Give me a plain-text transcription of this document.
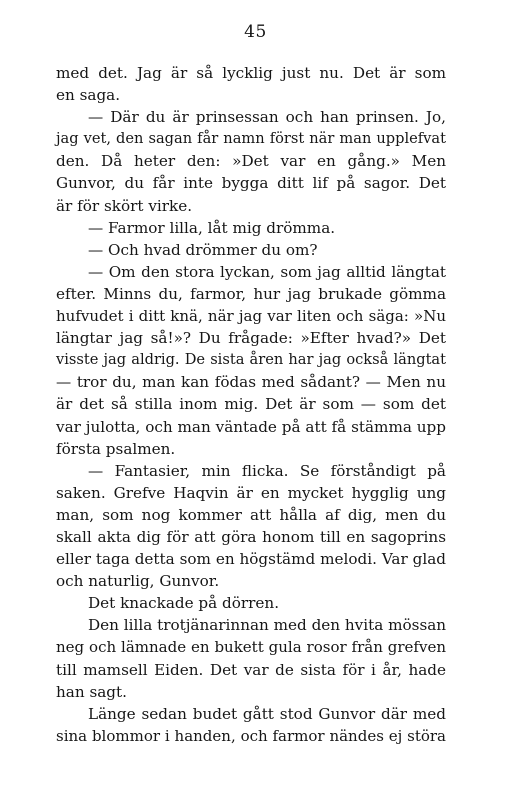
45
med det. Jag är så lycklig just nu. Det är som
en saga.
— Där du är prinsessan och han prinsen. Jo,
jag vet, den sagan får namn först när man upplefvat
den. Då heter den: »Det var en gång.» Men
Gunvor, du får inte bygga ditt lif på sagor. Det
är för skört virke.
— Farmor lilla, låt mig drömma.
— Och hvad drömmer du om?
— Om den stora lyckan, som jag alltid längtat
efter. Minns du, farmor, hur jag brukade gömma
hufvudet i ditt knä, när jag var liten och säga: »Nu
längtar jag så!»? Du frågade: »Efter hvad?» Det
visste jag aldrig. De sista åren har jag också längtat
— tror du, man kan födas med sådant? — Men nu
är det så stilla inom mig. Det är som — som det
var julotta, och man väntade på att få stämma upp
första psalmen.
— Fantasier, min flicka. Se förståndigt på
saken. Grefve Haqvin är en mycket hygglig ung
man, som nog kommer att hålla af dig, men du
skall akta dig för att göra honom till en sagoprins
eller taga detta som en högstämd melodi. Var glad
och naturlig, Gunvor.
Det knackade på dörren.
Den lilla trotjänarinnan med den hvita mössan
neg och lämnade en bukett gula rosor från grefven
till mamsell Eiden. Det var de sista för i år, hade
han sagt.
Länge sedan budet gått stod Gunvor där med
sina blommor i handen, och farmor nändes ej störa
